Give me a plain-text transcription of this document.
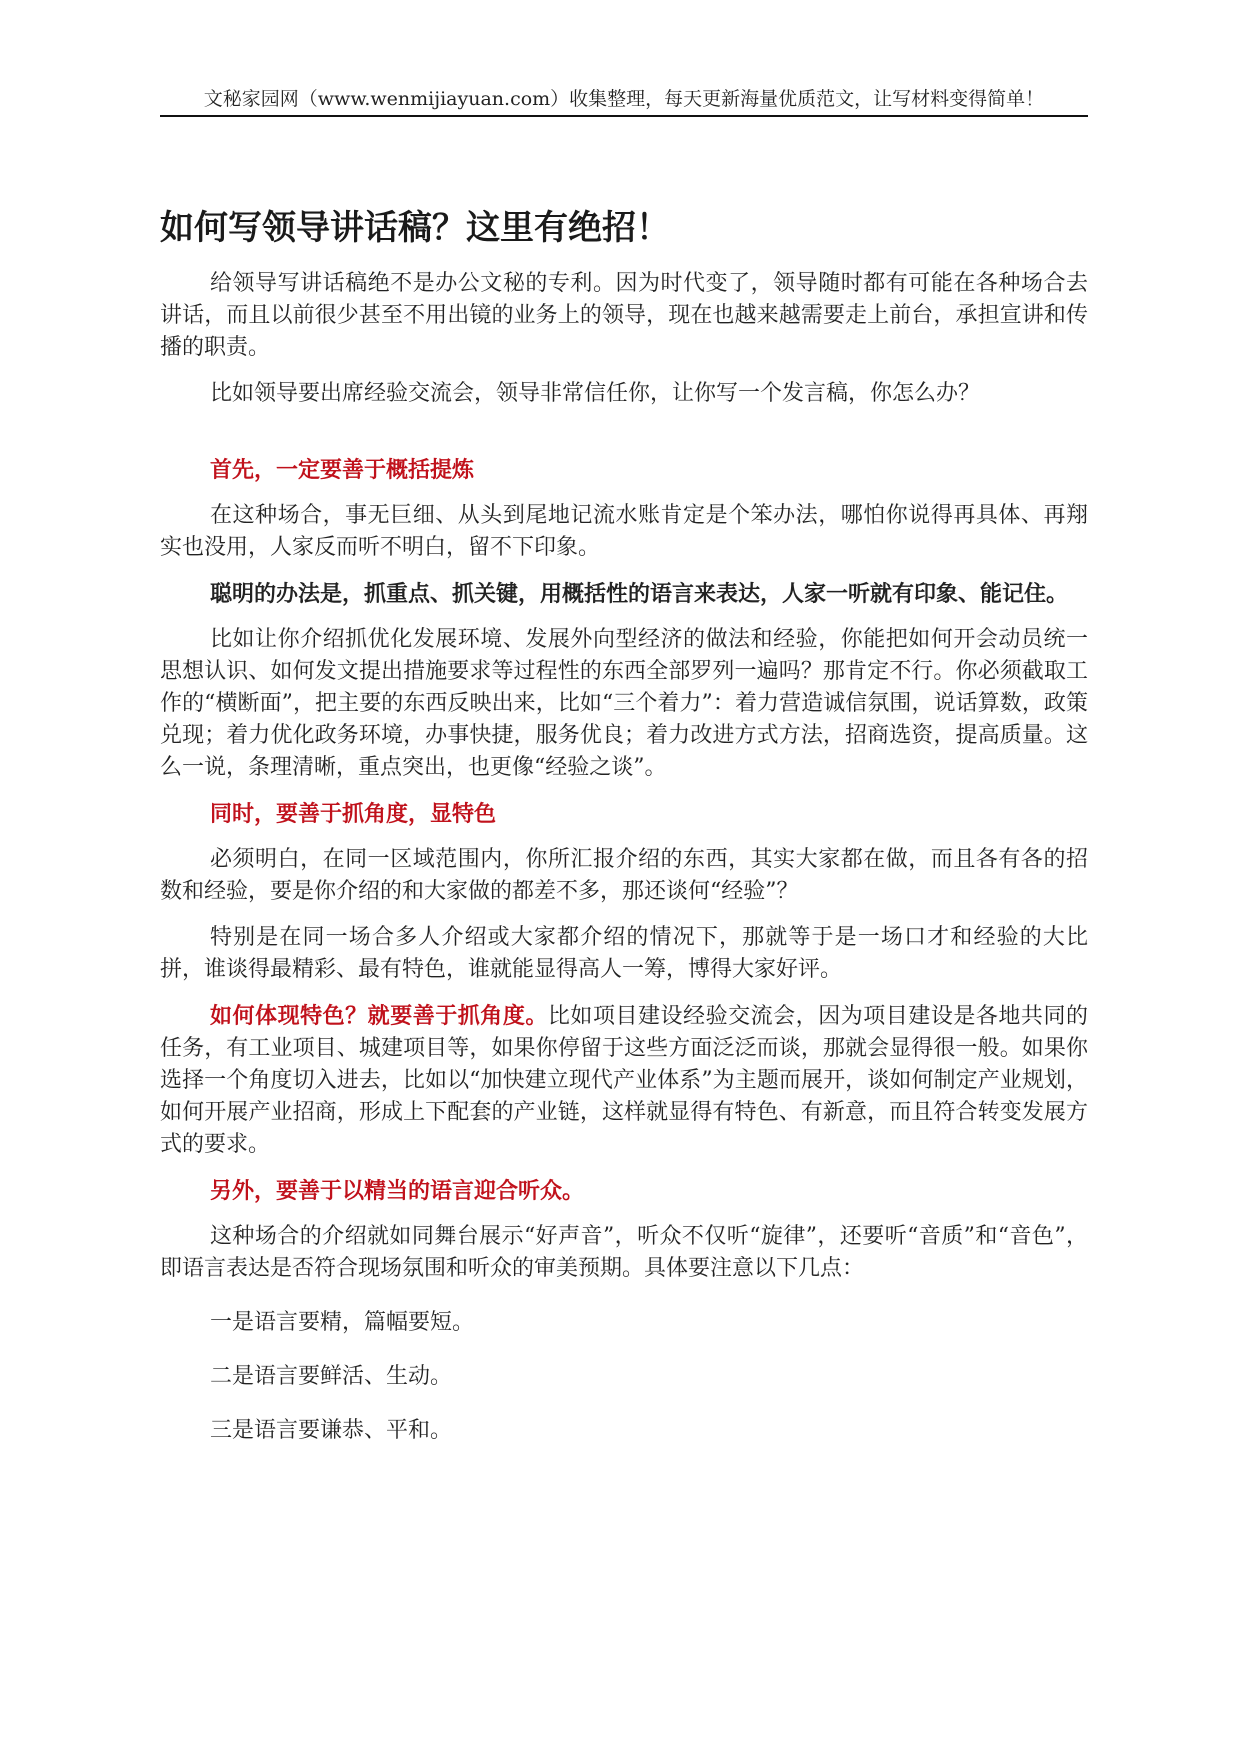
文秘家园网（www.wenmijiayuan.com）收集整理，每天更新海量优质范文，让写材料变得简单！
如何写领导讲话稿？这里有绝招！

给领导写讲话稿绝不是办公文秘的专利。因为时代变了，领导随时都有可能在各种场合去讲话，而且以前很少甚至不用出镜的业务上的领导，现在也越来越需要走上前台，承担宣讲和传播的职责。

比如领导要出席经验交流会，领导非常信任你，让你写一个发言稿，你怎么办？

首先，一定要善于概括提炼

在这种场合，事无巨细、从头到尾地记流水账肯定是个笨办法，哪怕你说得再具体、再翔实也没用，人家反而听不明白，留不下印象。

聪明的办法是，抓重点、抓关键，用概括性的语言来表达，人家一听就有印象、能记住。

比如让你介绍抓优化发展环境、发展外向型经济的做法和经验，你能把如何开会动员统一思想认识、如何发文提出措施要求等过程性的东西全部罗列一遍吗？那肯定不行。你必须截取工作的“横断面”，把主要的东西反映出来，比如“三个着力”：着力营造诚信氛围，说话算数，政策兑现；着力优化政务环境，办事快捷，服务优良；着力改进方式方法，招商选资，提高质量。这么一说，条理清晰，重点突出，也更像“经验之谈”。

同时，要善于抓角度，显特色

必须明白，在同一区域范围内，你所汇报介绍的东西，其实大家都在做，而且各有各的招数和经验，要是你介绍的和大家做的都差不多，那还谈何“经验”？

特别是在同一场合多人介绍或大家都介绍的情况下，那就等于是一场口才和经验的大比拼，谁谈得最精彩、最有特色，谁就能显得高人一筹，博得大家好评。

如何体现特色？就要善于抓角度。比如项目建设经验交流会，因为项目建设是各地共同的任务，有工业项目、城建项目等，如果你停留于这些方面泛泛而谈，那就会显得很一般。如果你选择一个角度切入进去，比如以“加快建立现代产业体系”为主题而展开，谈如何制定产业规划，如何开展产业招商，形成上下配套的产业链，这样就显得有特色、有新意，而且符合转变发展方式的要求。

另外，要善于以精当的语言迎合听众。

这种场合的介绍就如同舞台展示“好声音”，听众不仅听“旋律”，还要听“音质”和“音色”，即语言表达是否符合现场氛围和听众的审美预期。具体要注意以下几点：

一是语言要精，篇幅要短。

二是语言要鲜活、生动。

三是语言要谦恭、平和。
